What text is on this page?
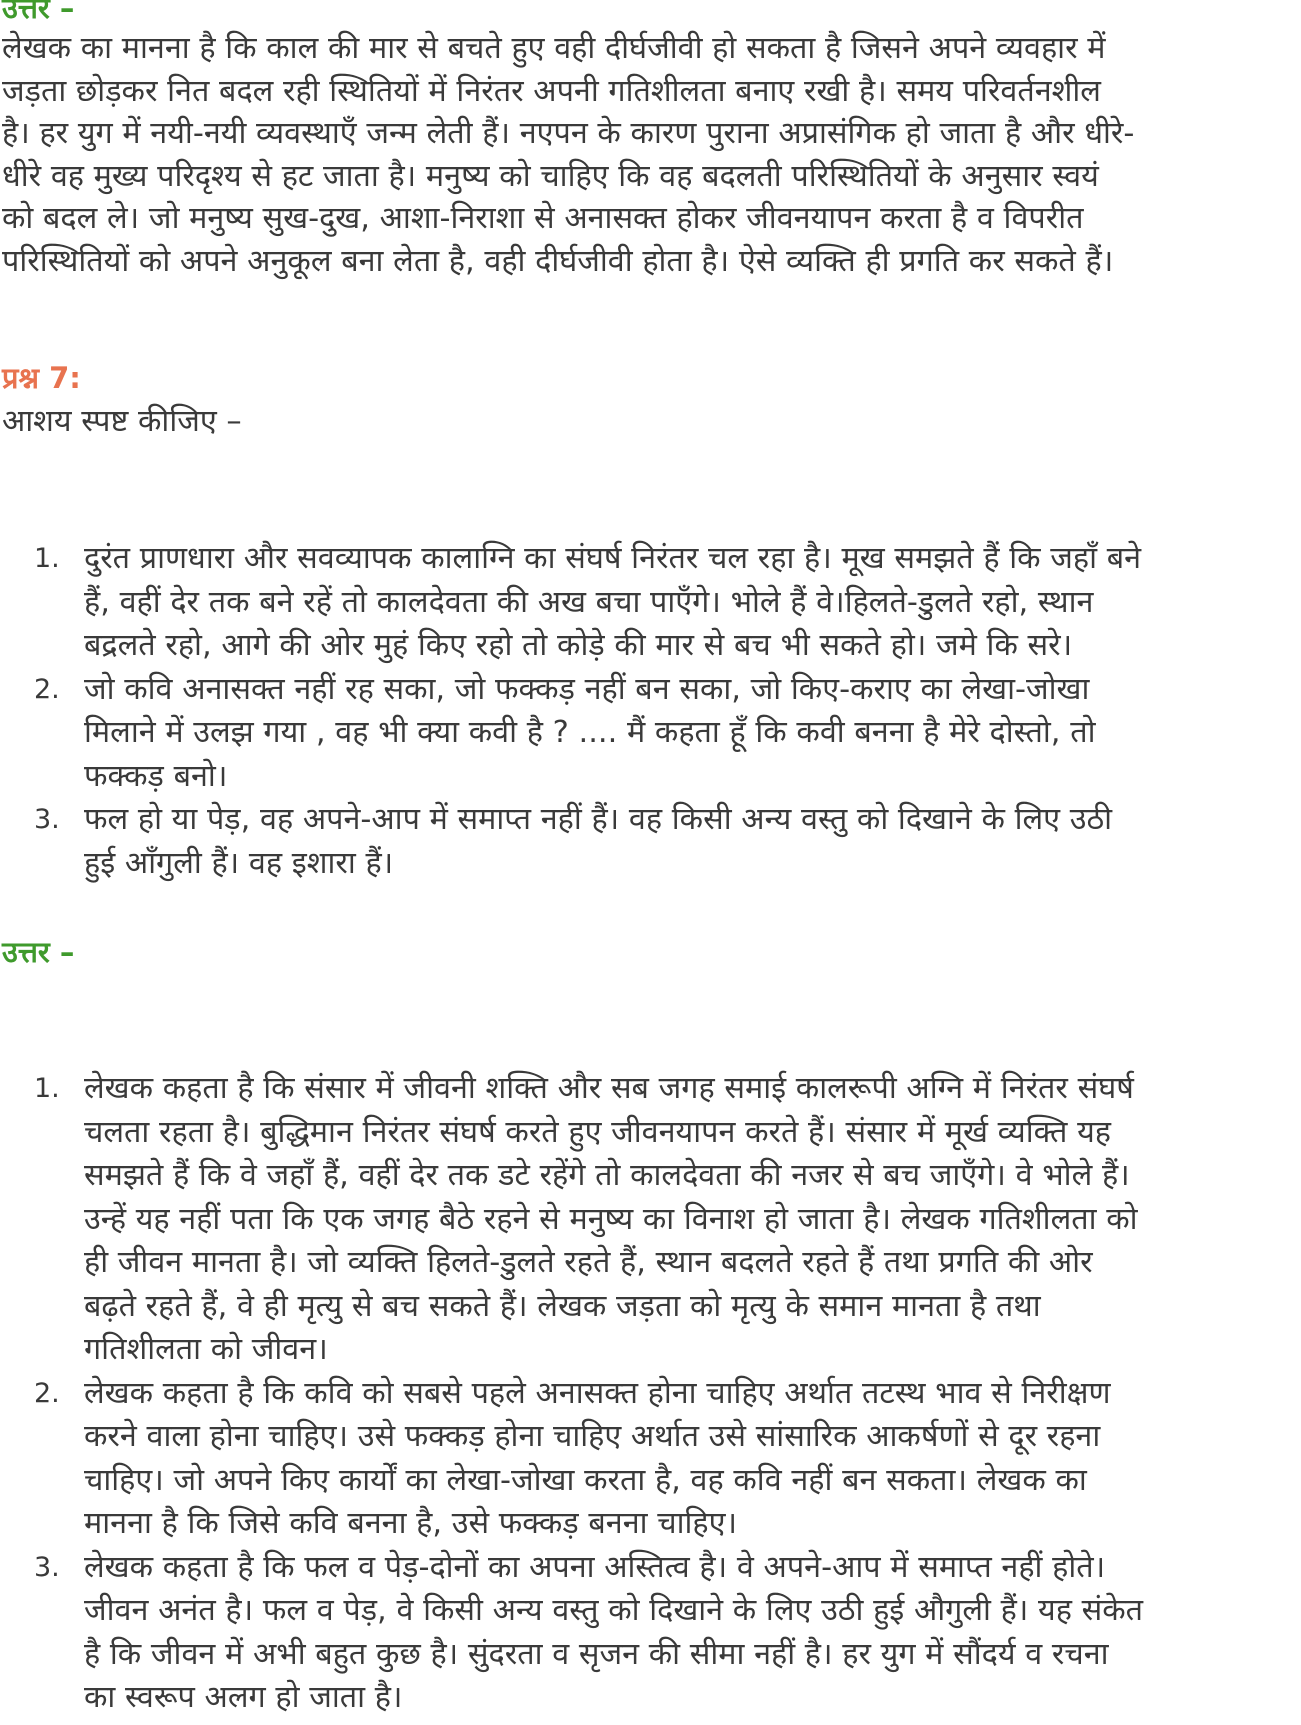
उत्तर –
लेखक का मानना है कि काल की मार से बचते हुए वही दीर्घजीवी हो सकता है जिसने अपने व्यवहार में
जड़ता छोड़कर नित बदल रही स्थितियों में निरंतर अपनी गतिशीलता बनाए रखी है। समय परिवर्तनशील
है। हर युग में नयी-नयी व्यवस्थाएँ जन्म लेती हैं। नएपन के कारण पुराना अप्रासंगिक हो जाता है और धीरे-
धीरे वह मुख्य परिदृश्य से हट जाता है। मनुष्य को चाहिए कि वह बदलती परिस्थितियों के अनुसार स्वयं
को बदल ले। जो मनुष्य सुख-दुख, आशा-निराशा से अनासक्त होकर जीवनयापन करता है व विपरीत
परिस्थितियों को अपने अनुकूल बना लेता है, वही दीर्घजीवी होता है। ऐसे व्यक्ति ही प्रगति कर सकते हैं।
प्रश्न 7:
आशय स्पष्ट कीजिए –
1. दुरंत प्राणधारा और सवव्यापक कालाग्नि का संघर्ष निरंतर चल रहा है। मूख समझते हैं कि जहाँ बने
हैं, वहीं देर तक बने रहें तो कालदेवता की अख बचा पाएँगे। भोले हैं वे।हिलते-डुलते रहो, स्थान
बद्रलते रहो, आगे की ओर मुहं किए रहो तो कोड़े की मार से बच भी सकते हो। जमे कि सरे।
2. जो कवि अनासक्त नहीं रह सका, जो फक्कड़ नहीं बन सका, जो किए-कराए का लेखा-जोखा
मिलाने में उलझ गया , वह भी क्या कवी है ? .... मैं कहता हूँ कि कवी बनना है मेरे दोस्तो, तो
फक्कड़ बनो।
3. फल हो या पेड़, वह अपने-आप में समाप्त नहीं हैं। वह किसी अन्य वस्तु को दिखाने के लिए उठी
हुई आँगुली हैं। वह इशारा हैं।
उत्तर –
1. लेखक कहता है कि संसार में जीवनी शक्ति और सब जगह समाई कालरूपी अग्नि में निरंतर संघर्ष
चलता रहता है। बुद्धिमान निरंतर संघर्ष करते हुए जीवनयापन करते हैं। संसार में मूर्ख व्यक्ति यह
समझते हैं कि वे जहाँ हैं, वहीं देर तक डटे रहेंगे तो कालदेवता की नजर से बच जाएँगे। वे भोले हैं।
उन्हें यह नहीं पता कि एक जगह बैठे रहने से मनुष्य का विनाश हो जाता है। लेखक गतिशीलता को
ही जीवन मानता है। जो व्यक्ति हिलते-डुलते रहते हैं, स्थान बदलते रहते हैं तथा प्रगति की ओर
बढ़ते रहते हैं, वे ही मृत्यु से बच सकते हैं। लेखक जड़ता को मृत्यु के समान मानता है तथा
गतिशीलता को जीवन।
2. लेखक कहता है कि कवि को सबसे पहले अनासक्त होना चाहिए अर्थात तटस्थ भाव से निरीक्षण
करने वाला होना चाहिए। उसे फक्कड़ होना चाहिए अर्थात उसे सांसारिक आकर्षणों से दूर रहना
चाहिए। जो अपने किए कार्यों का लेखा-जोखा करता है, वह कवि नहीं बन सकता। लेखक का
मानना है कि जिसे कवि बनना है, उसे फक्कड़ बनना चाहिए।
3. लेखक कहता है कि फल व पेड़-दोनों का अपना अस्तित्व है। वे अपने-आप में समाप्त नहीं होते।
जीवन अनंत है। फल व पेड़, वे किसी अन्य वस्तु को दिखाने के लिए उठी हुई औगुली हैं। यह संकेत
है कि जीवन में अभी बहुत कुछ है। सुंदरता व सृजन की सीमा नहीं है। हर युग में सौंदर्य व रचना
का स्वरूप अलग हो जाता है।
